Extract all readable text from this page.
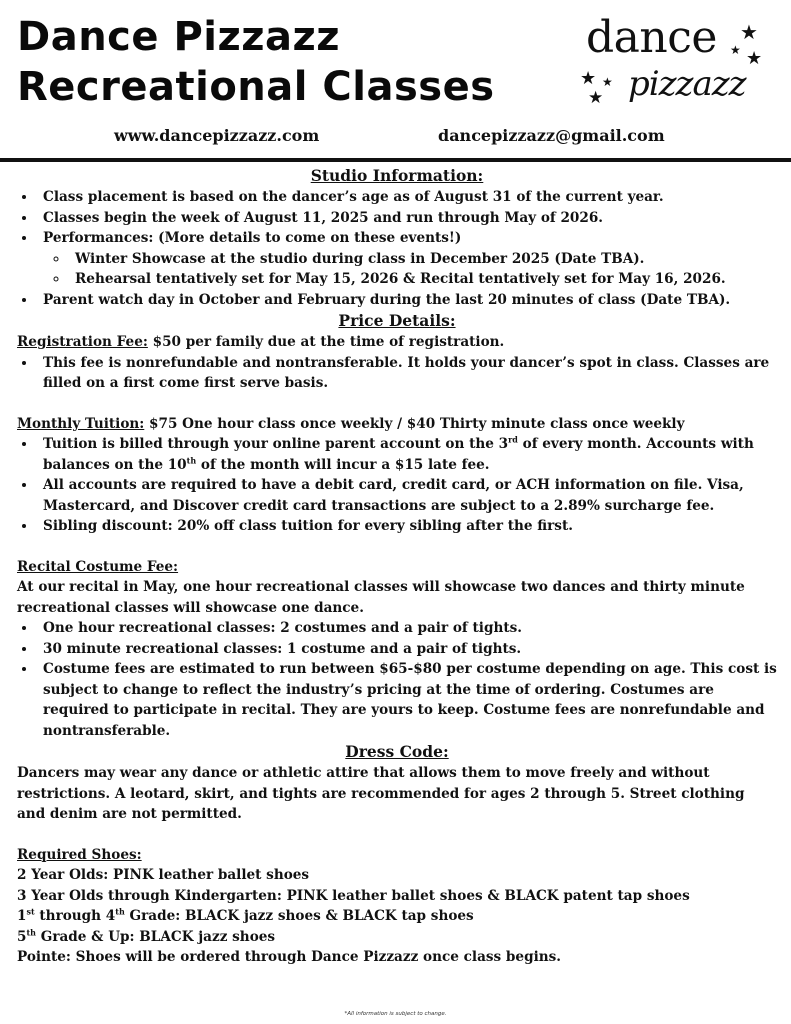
Dance Pizzazz
Recreational Classes
dance
pizzazz
★
★ ★
★ ★
★
www.dancepizzazz.com	dancepizzazz@gmail.com
Studio Information:
• Class placement is based on the dancer’s age as of August 31 of the current year.
• Classes begin the week of August 11, 2025 and run through May of 2026.
• Performances: (More details to come on these events!)
◦ Winter Showcase at the studio during class in December 2025 (Date TBA).
◦ Rehearsal tentatively set for May 15, 2026 & Recital tentatively set for May 16, 2026.
• Parent watch day in October and February during the last 20 minutes of class (Date TBA).
Price Details:

Registration Fee: $50 per family due at the time of registration.

• This fee is nonrefundable and nontransferable. It holds your dancer’s spot in class. Classes are filled on a first come first serve basis.

Monthly Tuition: $75 One hour class once weekly / $40 Thirty minute class once weekly

• Tuition is billed through your online parent account on the 3rd of every month. Accounts with balances on the 10th of the month will incur a $15 late fee.
• All accounts are required to have a debit card, credit card, or ACH information on file. Visa, Mastercard, and Discover credit card transactions are subject to a 2.89% surcharge fee.
• Sibling discount: 20% off class tuition for every sibling after the first.

Recital Costume Fee:

At our recital in May, one hour recreational classes will showcase two dances and thirty minute recreational classes will showcase one dance.

• One hour recreational classes: 2 costumes and a pair of tights.
• 30 minute recreational classes: 1 costume and a pair of tights.
• Costume fees are estimated to run between $65-$80 per costume depending on age. This cost is subject to change to reflect the industry’s pricing at the time of ordering. Costumes are required to participate in recital. They are yours to keep. Costume fees are nonrefundable and nontransferable.
Dress Code:

Dancers may wear any dance or athletic attire that allows them to move freely and without restrictions. A leotard, skirt, and tights are recommended for ages 2 through 5. Street clothing and denim are not permitted.

Required Shoes:

2 Year Olds: PINK leather ballet shoes

3 Year Olds through Kindergarten: PINK leather ballet shoes & BLACK patent tap shoes

1st through 4th Grade: BLACK jazz shoes & BLACK tap shoes

5th Grade & Up: BLACK jazz shoes

Pointe: Shoes will be ordered through Dance Pizzazz once class begins.

*All information is subject to change.
